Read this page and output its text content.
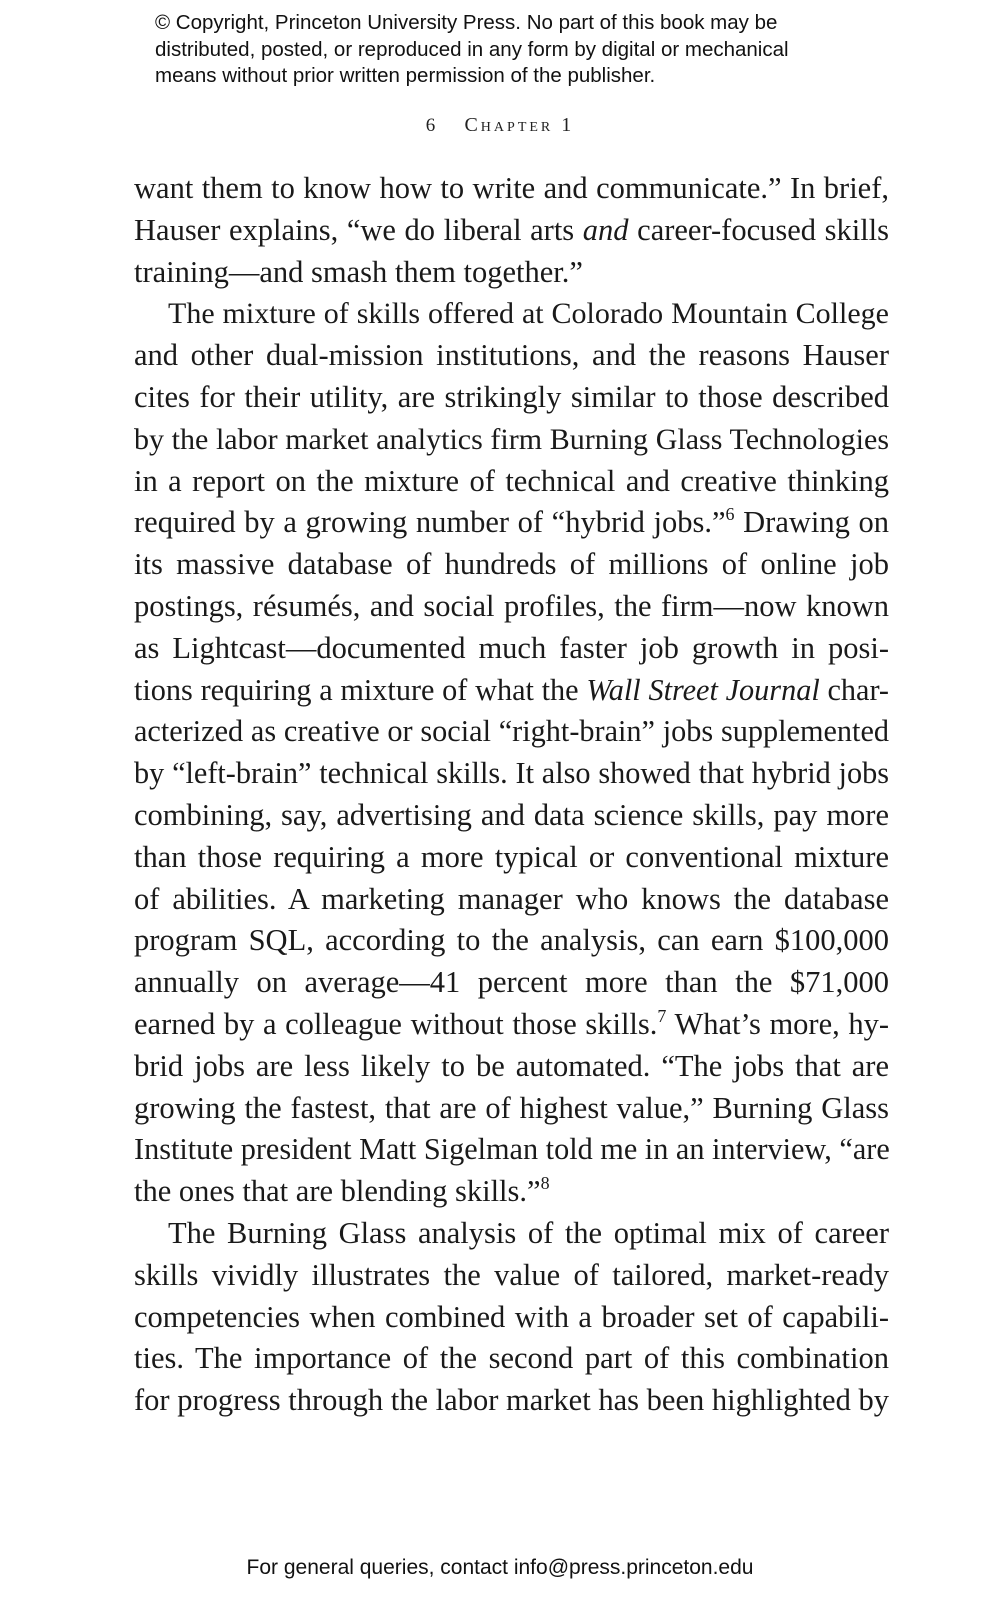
© Copyright, Princeton University Press. No part of this book may be
distributed, posted, or reproduced in any form by digital or mechanical
means without prior written permission of the publisher.
6 Chapter 1
want them to know how to write and communicate.” In brief,
Hauser explains, “we do liberal arts and career-focused skills
training—and smash them together.”
The mixture of skills offered at Colorado Mountain College
and other dual-mission institutions, and the reasons Hauser
cites for their utility, are strikingly similar to those described
by the labor market analytics firm Burning Glass Technologies
in a report on the mixture of technical and creative thinking
required by a growing number of “hybrid jobs.”$^6$ Drawing on
its massive database of hundreds of millions of online job
postings, résumés, and social profiles, the firm—now known
as Lightcast—documented much faster job growth in posi-
tions requiring a mixture of what the Wall Street Journal char-
acterized as creative or social “right-brain” jobs supplemented
by “left-brain” technical skills. It also showed that hybrid jobs
combining, say, advertising and data science skills, pay more
than those requiring a more typical or conventional mixture
of abilities. A marketing manager who knows the database
program SQL, according to the analysis, can earn $100,000
annually on average—41 percent more than the $71,000
earned by a colleague without those skills.$^7$ What’s more, hy-
brid jobs are less likely to be automated. “The jobs that are
growing the fastest, that are of highest value,” Burning Glass
Institute president Matt Sigelman told me in an interview, “are
the ones that are blending skills.”$^8$
The Burning Glass analysis of the optimal mix of career
skills vividly illustrates the value of tailored, market-ready
competencies when combined with a broader set of capabili-
ties. The importance of the second part of this combination
for progress through the labor market has been highlighted by
For general queries, contact info@press.princeton.edu
